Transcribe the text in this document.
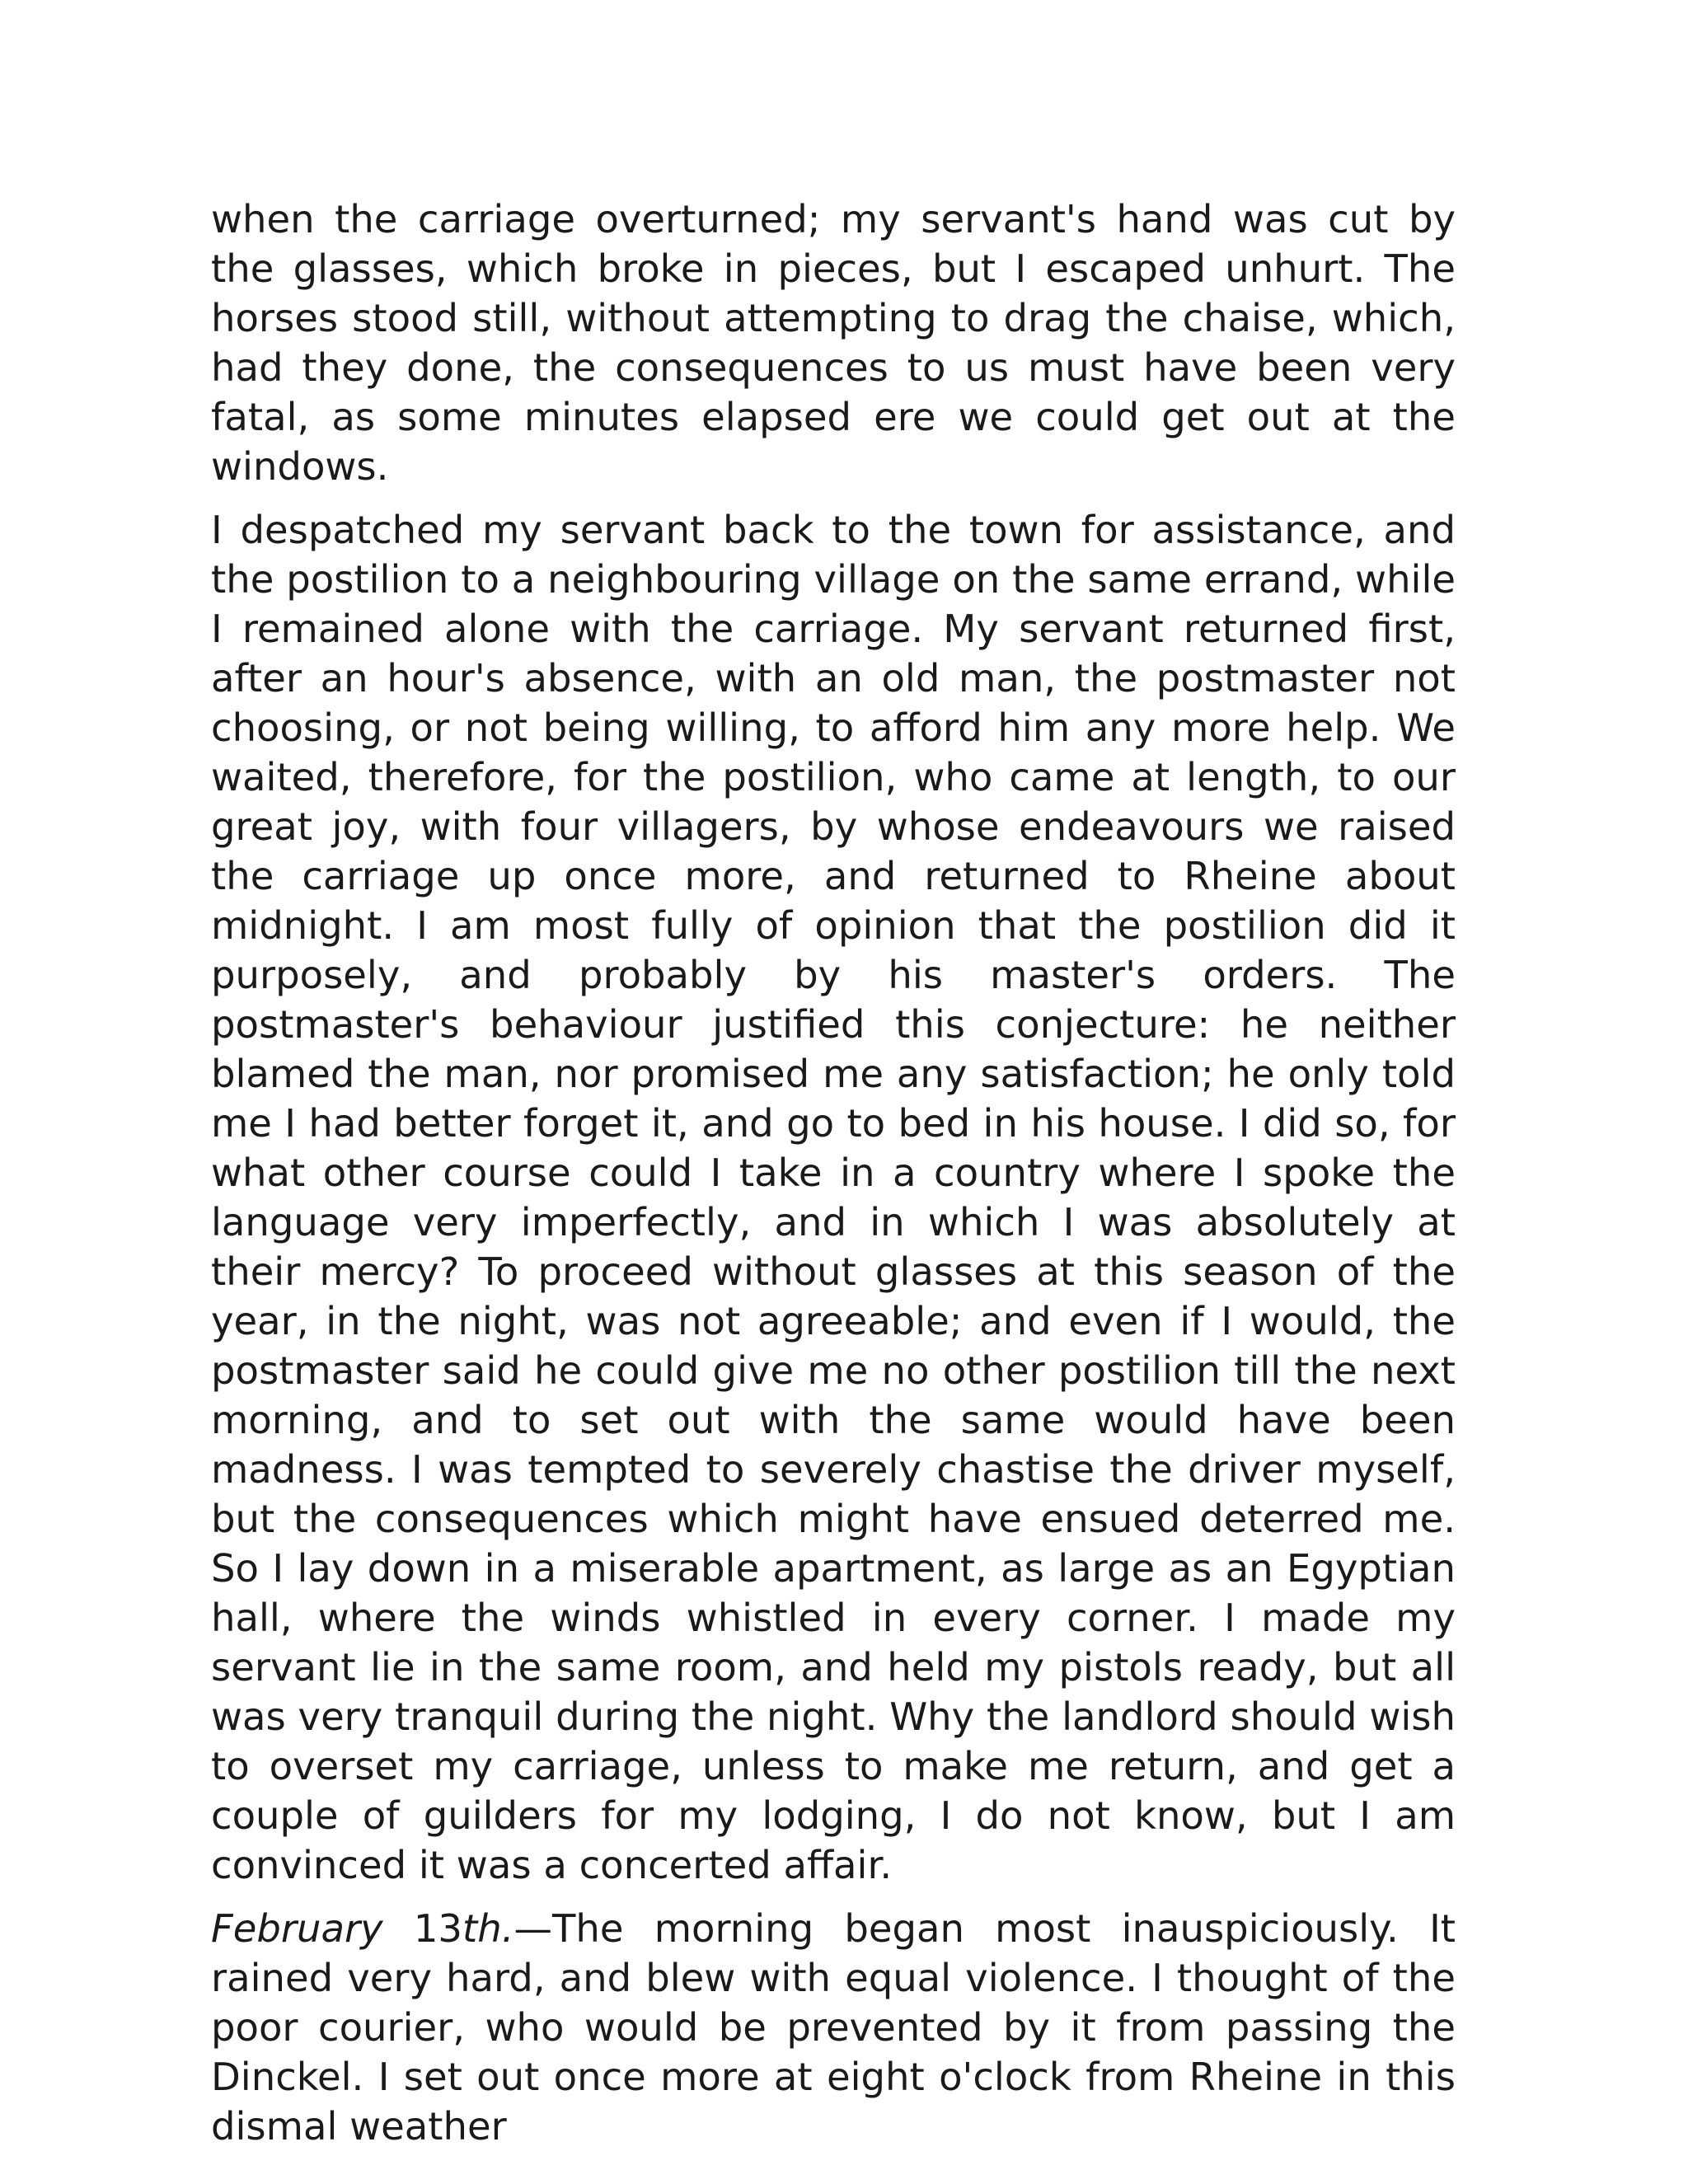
when the carriage overturned; my servant's hand was cut by the glasses, which broke in pieces, but I escaped unhurt. The horses stood still, without attempting to drag the chaise, which, had they done, the consequences to us must have been very fatal, as some minutes elapsed ere we could get out at the windows.

I despatched my servant back to the town for assistance, and the postilion to a neighbouring village on the same errand, while I remained alone with the carriage. My servant returned first, after an hour's absence, with an old man, the postmaster not choosing, or not being willing, to afford him any more help. We waited, therefore, for the postilion, who came at length, to our great joy, with four villagers, by whose endeavours we raised the carriage up once more, and returned to Rheine about midnight. I am most fully of opinion that the postilion did it purposely, and probably by his master's orders. The postmaster's behaviour justified this conjecture: he neither blamed the man, nor promised me any satisfaction; he only told me I had better forget it, and go to bed in his house. I did so, for what other course could I take in a country where I spoke the language very imperfectly, and in which I was absolutely at their mercy? To proceed without glasses at this season of the year, in the night, was not agreeable; and even if I would, the postmaster said he could give me no other postilion till the next morning, and to set out with the same would have been madness. I was tempted to severely chastise the driver myself, but the consequences which might have ensued deterred me. So I lay down in a miserable apartment, as large as an Egyptian hall, where the winds whistled in every corner. I made my servant lie in the same room, and held my pistols ready, but all was very tranquil during the night. Why the landlord should wish to overset my carriage, unless to make me return, and get a couple of guilders for my lodging, I do not know, but I am convinced it was a concerted affair.

February 13th.—The morning began most inauspiciously. It rained very hard, and blew with equal violence. I thought of the poor courier, who would be prevented by it from passing the Dinckel. I set out once more at eight o'clock from Rheine in this dismal weather
